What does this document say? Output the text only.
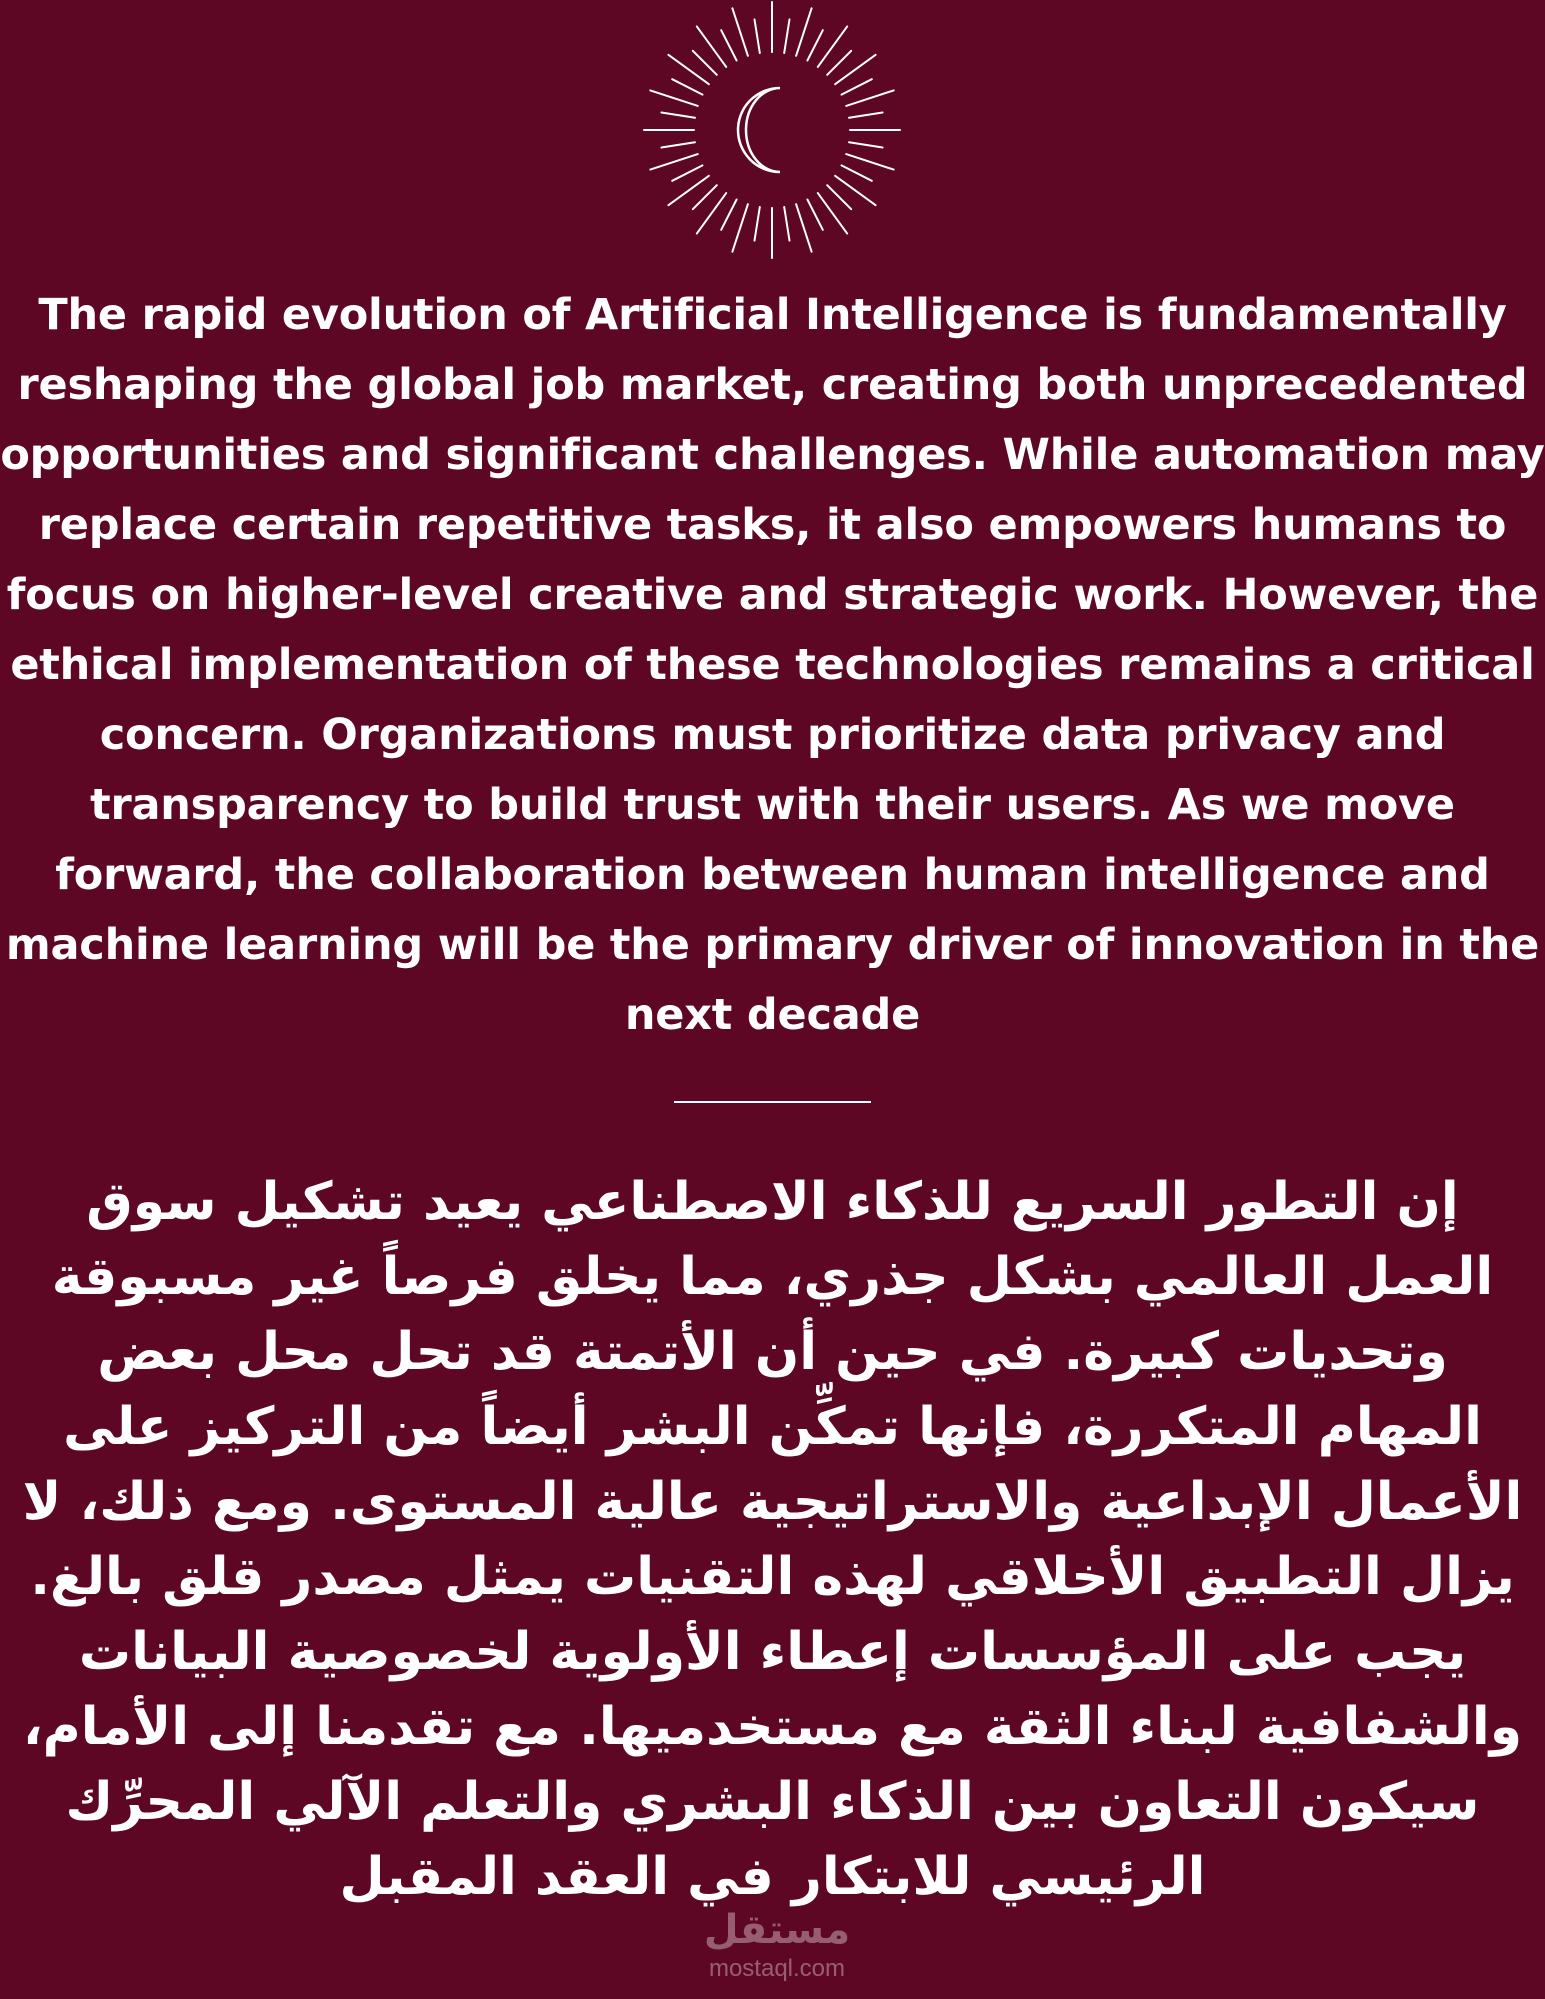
The rapid evolution of Artificial Intelligence is fundamentally reshaping the global job market, creating both unprecedented opportunities and significant challenges. While automation may replace certain repetitive tasks, it also empowers humans to focus on higher-level creative and strategic work. However, the ethical implementation of these technologies remains a critical concern. Organizations must prioritize data privacy and transparency to build trust with their users. As we move forward, the collaboration between human intelligence and machine learning will be the primary driver of innovation in the next decade

إن التطور السريع للذكاء الاصطناعي يعيد تشكيل سوق العمل العالمي بشكل جذري، مما يخلق فرصاً غير مسبوقة وتحديات كبيرة. في حين أن الأتمتة قد تحل محل بعض المهام المتكررة، فإنها تمكِّن البشر أيضاً من التركيز على الأعمال الإبداعية والاستراتيجية عالية المستوى. ومع ذلك، لا يزال التطبيق الأخلاقي لهذه التقنيات يمثل مصدر قلق بالغ. يجب على المؤسسات إعطاء الأولوية لخصوصية البيانات والشفافية لبناء الثقة مع مستخدميها. مع تقدمنا إلى الأمام، سيكون التعاون بين الذكاء البشري والتعلم الآلي المحرِّك الرئيسي للابتكار في العقد المقبل

مستقل
mostaql.com
